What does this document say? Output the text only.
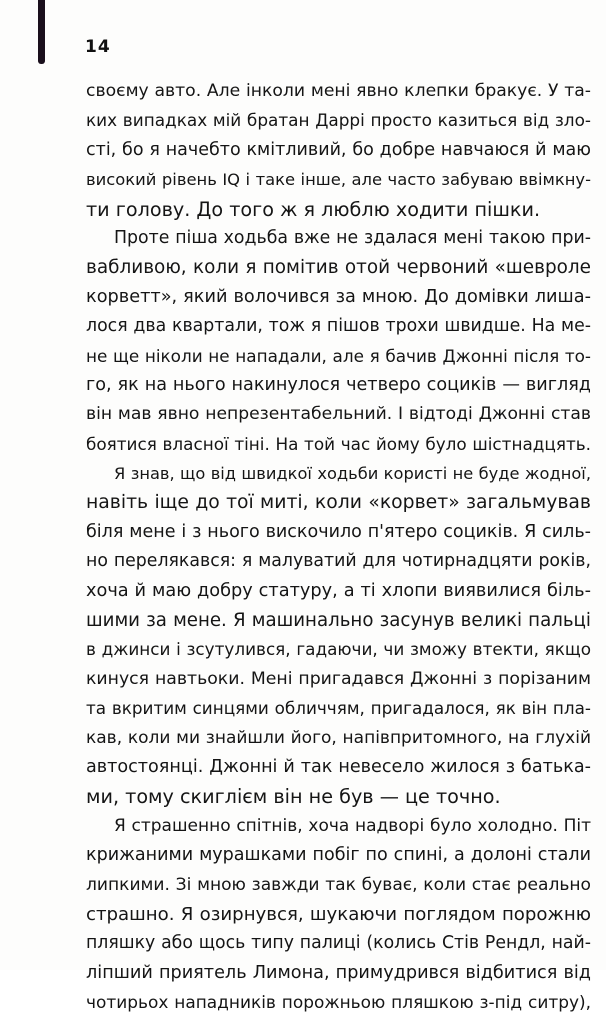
14
своєму авто. Але інколи мені явно клепки бракує. У та-
ких випадках мій братан Даррі просто казиться від зло-
сті, бо я начебто кмітливий, бо добре навчаюся й маю
високий рівень IQ і таке інше, але часто забуваю ввімкну-
ти голову. До того ж я люблю ходити пішки.
Проте піша ходьба вже не здалася мені такою при-
вабливою, коли я помітив отой червоний «шевроле
корветт», який волочився за мною. До домівки лиша-
лося два квартали, тож я пішов трохи швидше. На ме-
не ще ніколи не нападали, але я бачив Джонні після то-
го, як на нього накинулося четверо социків — вигляд
він мав явно непрезентабельний. І відтоді Джонні став
боятися власної тіні. На той час йому було шістнадцять.
Я знав, що від швидкої ходьби користі не буде жодної,
навіть іще до тої миті, коли «корвет» загальмував
біля мене і з нього вискочило п'ятеро социків. Я силь-
но перелякався: я малуватий для чотирнадцяти років,
хоча й маю добру статуру, а ті хлопи виявилися біль-
шими за мене. Я машинально засунув великі пальці
в джинси і зсутулився, гадаючи, чи зможу втекти, якщо
кинуся навтьоки. Мені пригадався Джонні з порізаним
та вкритим синцями обличчям, пригадалося, як він пла-
кав, коли ми знайшли його, напівпритомного, на глухій
автостоянці. Джонні й так невесело жилося з батька-
ми, тому скиглієм він не був — це точно.
Я страшенно спітнів, хоча надворі було холодно. Піт
крижаними мурашками побіг по спині, а долоні стали
липкими. Зі мною завжди так буває, коли стає реально
страшно. Я озирнувся, шукаючи поглядом порожню
пляшку або щось типу палиці (колись Стів Рендл, най-
ліпший приятель Лимона, примудрився відбитися від
чотирьох нападників порожньою пляшкою з-під ситру),
